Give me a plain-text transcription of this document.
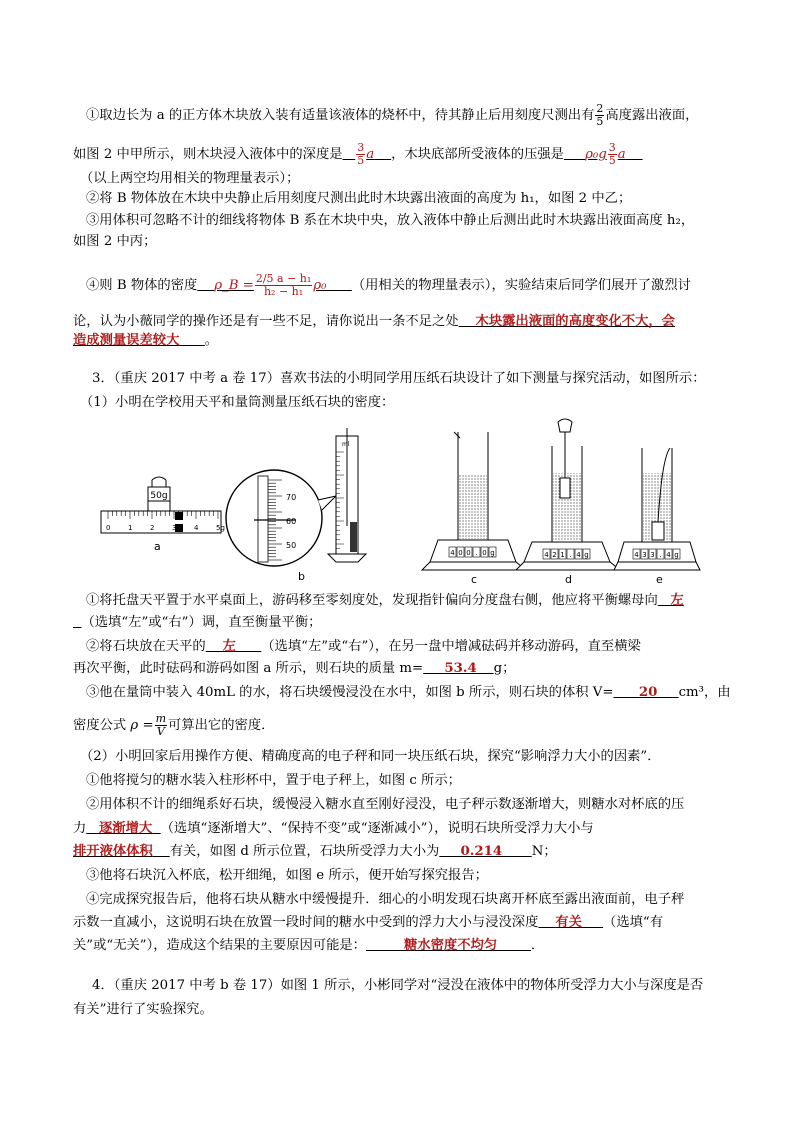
①取边长为 a 的正方体木块放入装有适量该液体的烧杯中，待其静止后用刻度尺测出有 $\frac{2}{5}$ 高度露出液面，
如图 2 中甲所示，则木块浸入液体中的深度是 $\frac{3}{5}$ a ，木块底部所受液体的压强是 $\rho_0g \frac{3}{5}$ a
（以上两空均用相关的物理量表示）；
②将 B 物体放在木块中央静止后用刻度尺测出此时木块露出液面的高度为 h₁，如图 2 中乙；
③用体积可忽略不计的细线将物体 B 系在木块中央，放入液体中静止后测出此时木块露出液面高度 h₂，
如图 2 中丙；
④则 B 物体的密度 ρ_B = $\frac{\text{2/5 a − h₁}}{\text{h₂ − h₁}} \rho_0$ （用相关的物理量表示），实验结束后同学们展开了激烈讨
论，认为小薇同学的操作还是有一些不足，请你说出一条不足之处 木块露出液面的高度变化不大，会
造成测量误差较大 。
3．（重庆 2017 中考 a 卷 17）喜欢书法的小明同学用压纸石块设计了如下测量与探究活动，如图所示：
（1）小明在学校用天平和量筒测量压纸石块的密度：
50g
0	1	2	3	4	5g
a
70
60
50
ml
b
4 0 0 . 0 g
c
4 2 1 . 4 g
d
4 3 3 . 4 g
e
①将托盘天平置于水平桌面上，游码移至零刻度处，发现指针偏向分度盘右侧，他应将平衡螺母向 左
（选填“左”或“右”）调，直至衡量平衡；
②将石块放在天平的 左 （选填“左”或“右”），在另一盘中增减砝码并移动游码，直至横梁
再次平衡，此时砝码和游码如图 a 所示，则石块的质量 m= 53.4 g；
③他在量筒中装入 40mL 的水，将石块缓慢浸没在水中，如图 b 所示，则石块的体积 V= 20 cm³，由
密度公式 $\rho = \frac{m}{V}$ 可算出它的密度．
（2）小明回家后用操作方便、精确度高的电子秤和同一块压纸石块，探究“影响浮力大小的因素”．
①他将搅匀的糖水装入柱形杯中，置于电子秤上，如图 c 所示；
②用体积不计的细绳系好石块，缓慢浸入糖水直至刚好浸没，电子秤示数逐渐增大，则糖水对杯底的压
力 逐渐增大 （选填“逐渐增大”、“保持不变”或“逐渐减小”），说明石块所受浮力大小与
排开液体体积 有关，如图 d 所示位置，石块所受浮力大小为 0.214 N；
③他将石块沉入杯底，松开细绳，如图 e 所示，便开始写探究报告；
④完成探究报告后，他将石块从糖水中缓慢提升．细心的小明发现石块离开杯底至露出液面前，电子秤
示数一直减小，这说明石块在放置一段时间的糖水中受到的浮力大小与浸没深度 有关 （选填“有
关”或“无关”），造成这个结果的主要原因可能是：	糖水密度不均匀	．
4．（重庆 2017 中考 b 卷 17）如图 1 所示，小彬同学对“浸没在液体中的物体所受浮力大小与深度是否
有关”进行了实验探究。
